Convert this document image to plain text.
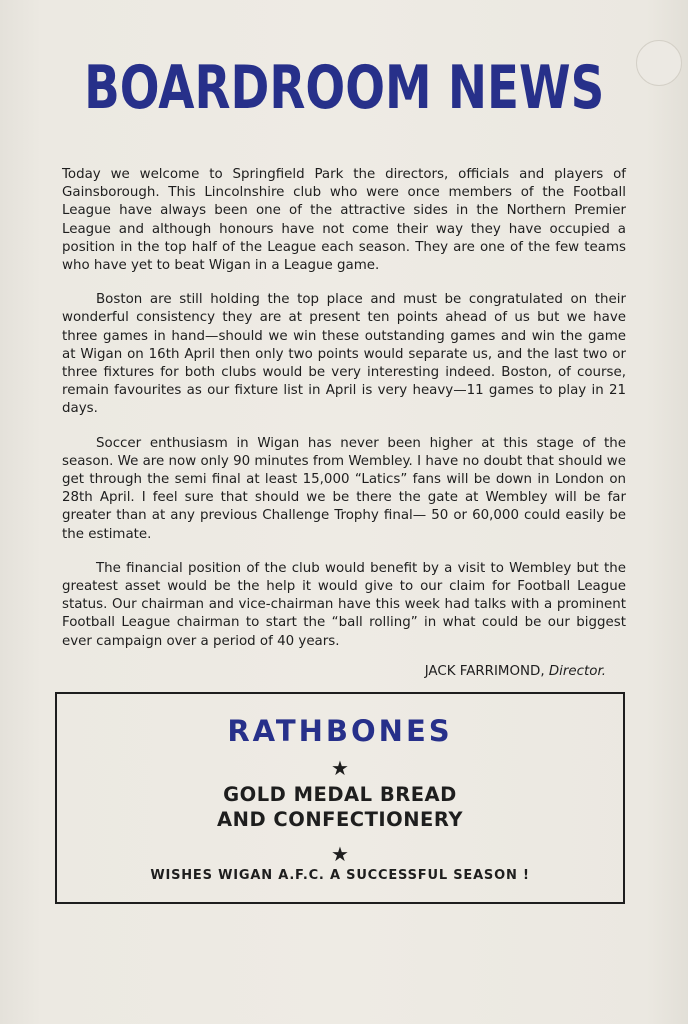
BOARDROOM NEWS

Today we welcome to Springfield Park the directors, officials and players of Gainsborough. This Lincolnshire club who were once members of the Football League have always been one of the attractive sides in the Northern Premier League and although honours have not come their way they have occupied a position in the top half of the League each season. They are one of the few teams who have yet to beat Wigan in a League game.

Boston are still holding the top place and must be congratulated on their wonderful consistency they are at present ten points ahead of us but we have three games in hand—should we win these outstanding games and win the game at Wigan on 16th April then only two points would separate us, and the last two or three fixtures for both clubs would be very interesting indeed. Boston, of course, remain favourites as our fixture list in April is very heavy—11 games to play in 21 days.

Soccer enthusiasm in Wigan has never been higher at this stage of the season. We are now only 90 minutes from Wembley. I have no doubt that should we get through the semi final at least 15,000 “Latics” fans will be down in London on 28th April. I feel sure that should we be there the gate at Wembley will be far greater than at any previous Challenge Trophy final— 50 or 60,000 could easily be the estimate.

The financial position of the club would benefit by a visit to Wembley but the greatest asset would be the help it would give to our claim for Football League status. Our chairman and vice-chairman have this week had talks with a prominent Football League chairman to start the “ball rolling” in what could be our biggest ever campaign over a period of 40 years.

JACK FARRIMOND, Director.
RATHBONES
★
GOLD MEDAL BREAD
AND CONFECTIONERY
★
WISHES WIGAN A.F.C. A SUCCESSFUL SEASON !
